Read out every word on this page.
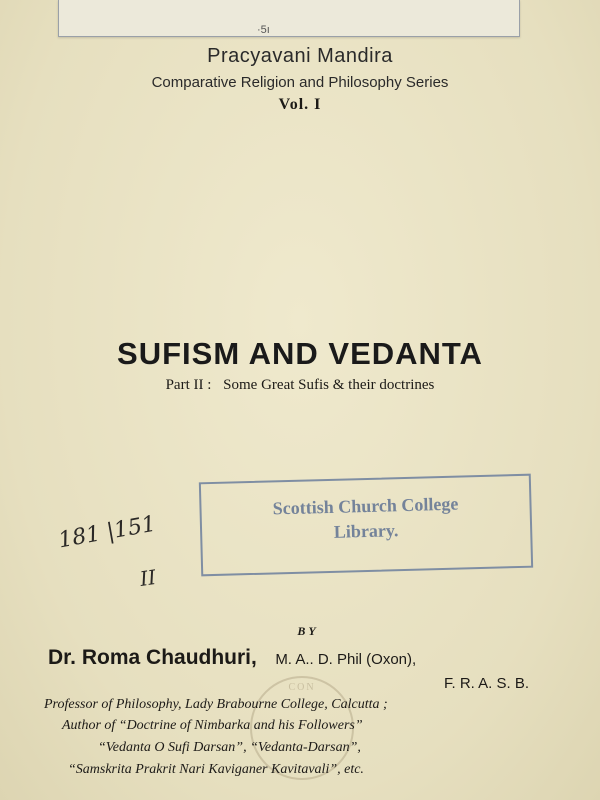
·5ı
Pracyavani Mandira
Comparative Religion and Philosophy Series
Vol. I
SUFISM AND VEDANTA
Part II : Some Great Sufis & their doctrines
Scottish Church College
Library.
181 |151
II
CON
BY
Dr. Roma Chaudhuri, M. A.. D. Phil (Oxon),
F. R. A. S. B.
Professor of Philosophy, Lady Brabourne College, Calcutta ;
Author of “Doctrine of Nimbarka and his Followers”
“Vedanta O Sufi Darsan”, “Vedanta-Darsan”,
“Samskrita Prakrit Nari Kaviganer Kavitavali”, etc.
